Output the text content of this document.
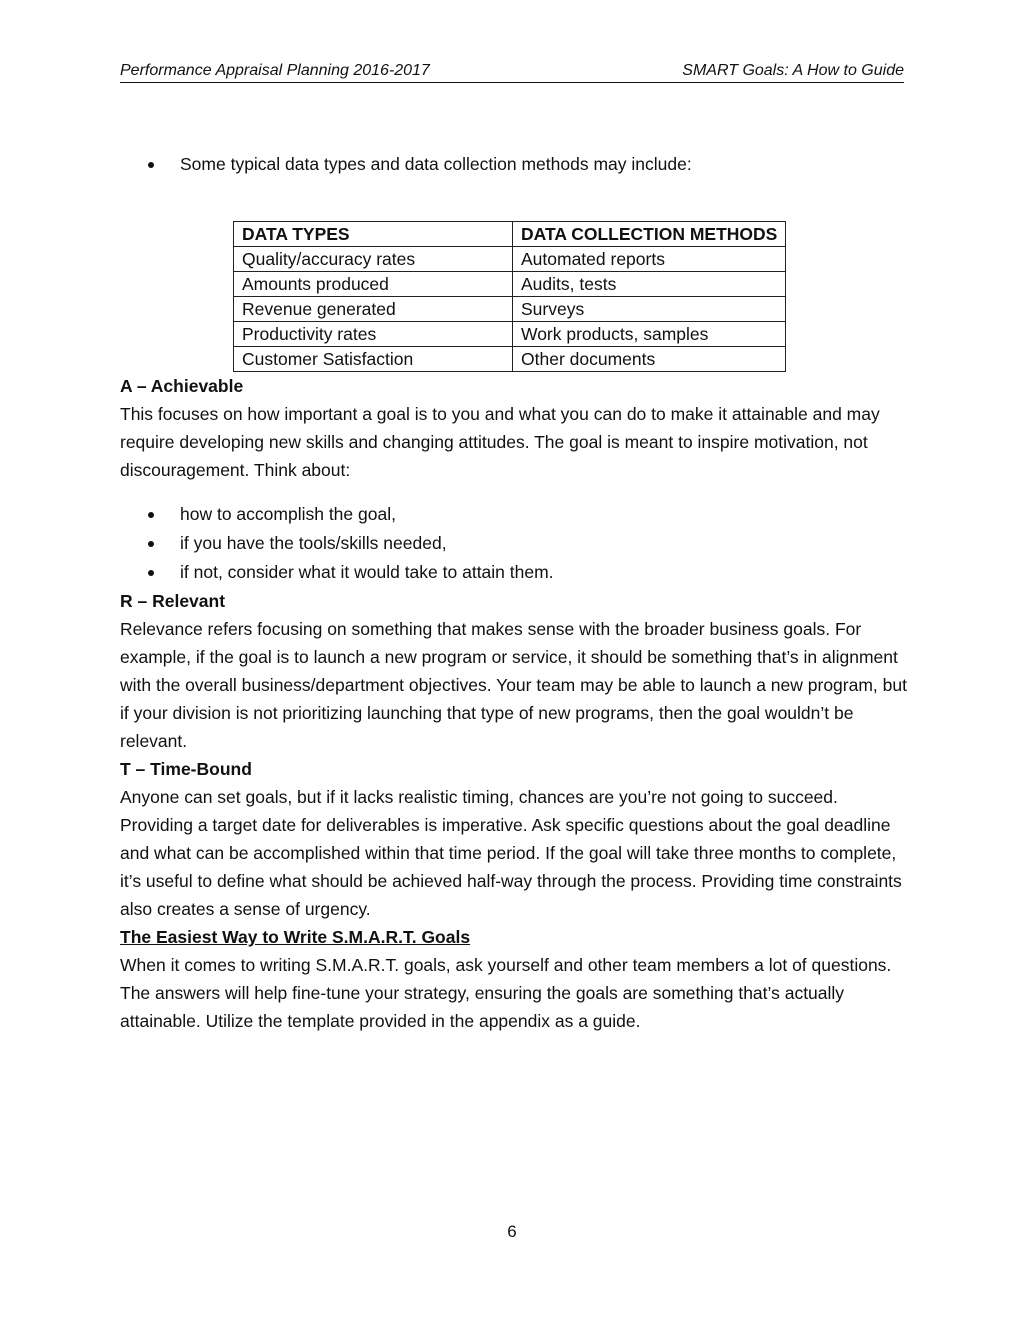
Performance Appraisal Planning 2016-2017	SMART Goals: A How to Guide
Some typical data types and data collection methods may include:
DATA TYPES	DATA COLLECTION METHODS
Quality/accuracy rates	Automated reports
Amounts produced	Audits, tests
Revenue generated	Surveys
Productivity rates	Work products, samples
Customer Satisfaction	Other documents
A – Achievable

This focuses on how important a goal is to you and what you can do to make it attainable and may require developing new skills and changing attitudes. The goal is meant to inspire motivation, not discouragement. Think about:

how to accomplish the goal,
if you have the tools/skills needed,
if not, consider what it would take to attain them.
R – Relevant

Relevance refers focusing on something that makes sense with the broader business goals. For example, if the goal is to launch a new program or service, it should be something that’s in alignment with the overall business/department objectives. Your team may be able to launch a new program, but if your division is not prioritizing launching that type of new programs, then the goal wouldn’t be relevant.

T – Time-Bound

Anyone can set goals, but if it lacks realistic timing, chances are you’re not going to succeed. Providing a target date for deliverables is imperative. Ask specific questions about the goal deadline and what can be accomplished within that time period. If the goal will take three months to complete, it’s useful to define what should be achieved half-way through the process. Providing time constraints also creates a sense of urgency.

The Easiest Way to Write S.M.A.R.T. Goals

When it comes to writing S.M.A.R.T. goals, ask yourself and other team members a lot of questions. The answers will help fine-tune your strategy, ensuring the goals are something that’s actually attainable. Utilize the template provided in the appendix as a guide.

6
